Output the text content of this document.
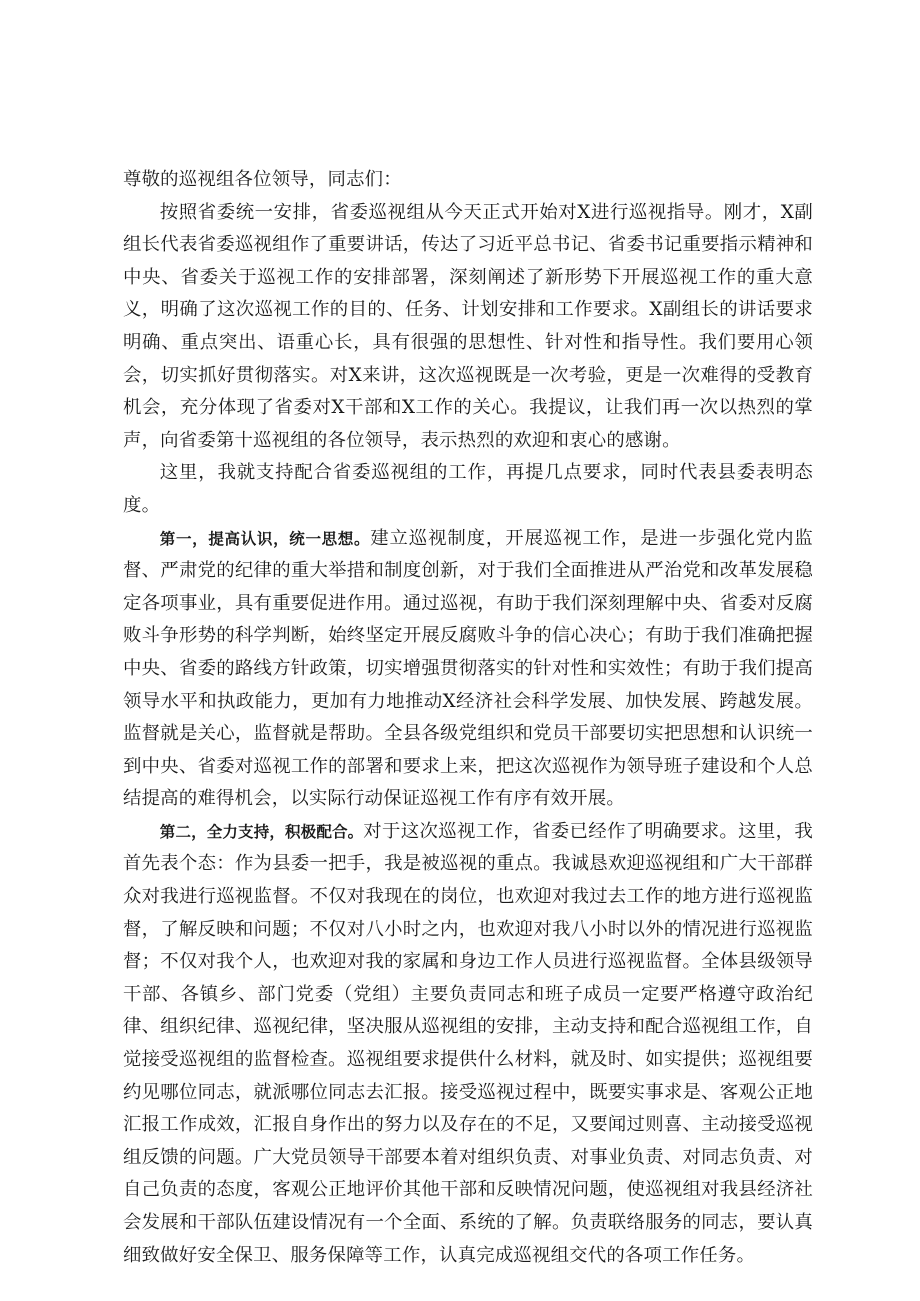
尊敬的巡视组各位领导，同志们：

按照省委统一安排，省委巡视组从今天正式开始对X进行巡视指导。刚才，X副组长代表省委巡视组作了重要讲话，传达了习近平总书记、省委书记重要指示精神和中央、省委关于巡视工作的安排部署，深刻阐述了新形势下开展巡视工作的重大意义，明确了这次巡视工作的目的、任务、计划安排和工作要求。X副组长的讲话要求明确、重点突出、语重心长，具有很强的思想性、针对性和指导性。我们要用心领会，切实抓好贯彻落实。对X来讲，这次巡视既是一次考验，更是一次难得的受教育机会，充分体现了省委对X干部和X工作的关心。我提议，让我们再一次以热烈的掌声，向省委第十巡视组的各位领导，表示热烈的欢迎和衷心的感谢。

这里，我就支持配合省委巡视组的工作，再提几点要求，同时代表县委表明态度。

第一，提高认识，统一思想。建立巡视制度，开展巡视工作，是进一步强化党内监督、严肃党的纪律的重大举措和制度创新，对于我们全面推进从严治党和改革发展稳定各项事业，具有重要促进作用。通过巡视，有助于我们深刻理解中央、省委对反腐败斗争形势的科学判断，始终坚定开展反腐败斗争的信心决心；有助于我们准确把握中央、省委的路线方针政策，切实增强贯彻落实的针对性和实效性；有助于我们提高领导水平和执政能力，更加有力地推动X经济社会科学发展、加快发展、跨越发展。监督就是关心，监督就是帮助。全县各级党组织和党员干部要切实把思想和认识统一到中央、省委对巡视工作的部署和要求上来，把这次巡视作为领导班子建设和个人总结提高的难得机会，以实际行动保证巡视工作有序有效开展。

第二，全力支持，积极配合。对于这次巡视工作，省委已经作了明确要求。这里，我首先表个态：作为县委一把手，我是被巡视的重点。我诚恳欢迎巡视组和广大干部群众对我进行巡视监督。不仅对我现在的岗位，也欢迎对我过去工作的地方进行巡视监督，了解反映和问题；不仅对八小时之内，也欢迎对我八小时以外的情况进行巡视监督；不仅对我个人，也欢迎对我的家属和身边工作人员进行巡视监督。全体县级领导干部、各镇乡、部门党委（党组）主要负责同志和班子成员一定要严格遵守政治纪律、组织纪律、巡视纪律，坚决服从巡视组的安排，主动支持和配合巡视组工作，自觉接受巡视组的监督检查。巡视组要求提供什么材料，就及时、如实提供；巡视组要约见哪位同志，就派哪位同志去汇报。接受巡视过程中，既要实事求是、客观公正地汇报工作成效，汇报自身作出的努力以及存在的不足，又要闻过则喜、主动接受巡视组反馈的问题。广大党员领导干部要本着对组织负责、对事业负责、对同志负责、对自己负责的态度，客观公正地评价其他干部和反映情况问题，使巡视组对我县经济社会发展和干部队伍建设情况有一个全面、系统的了解。负责联络服务的同志，要认真细致做好安全保卫、服务保障等工作，认真完成巡视组交代的各项工作任务。
